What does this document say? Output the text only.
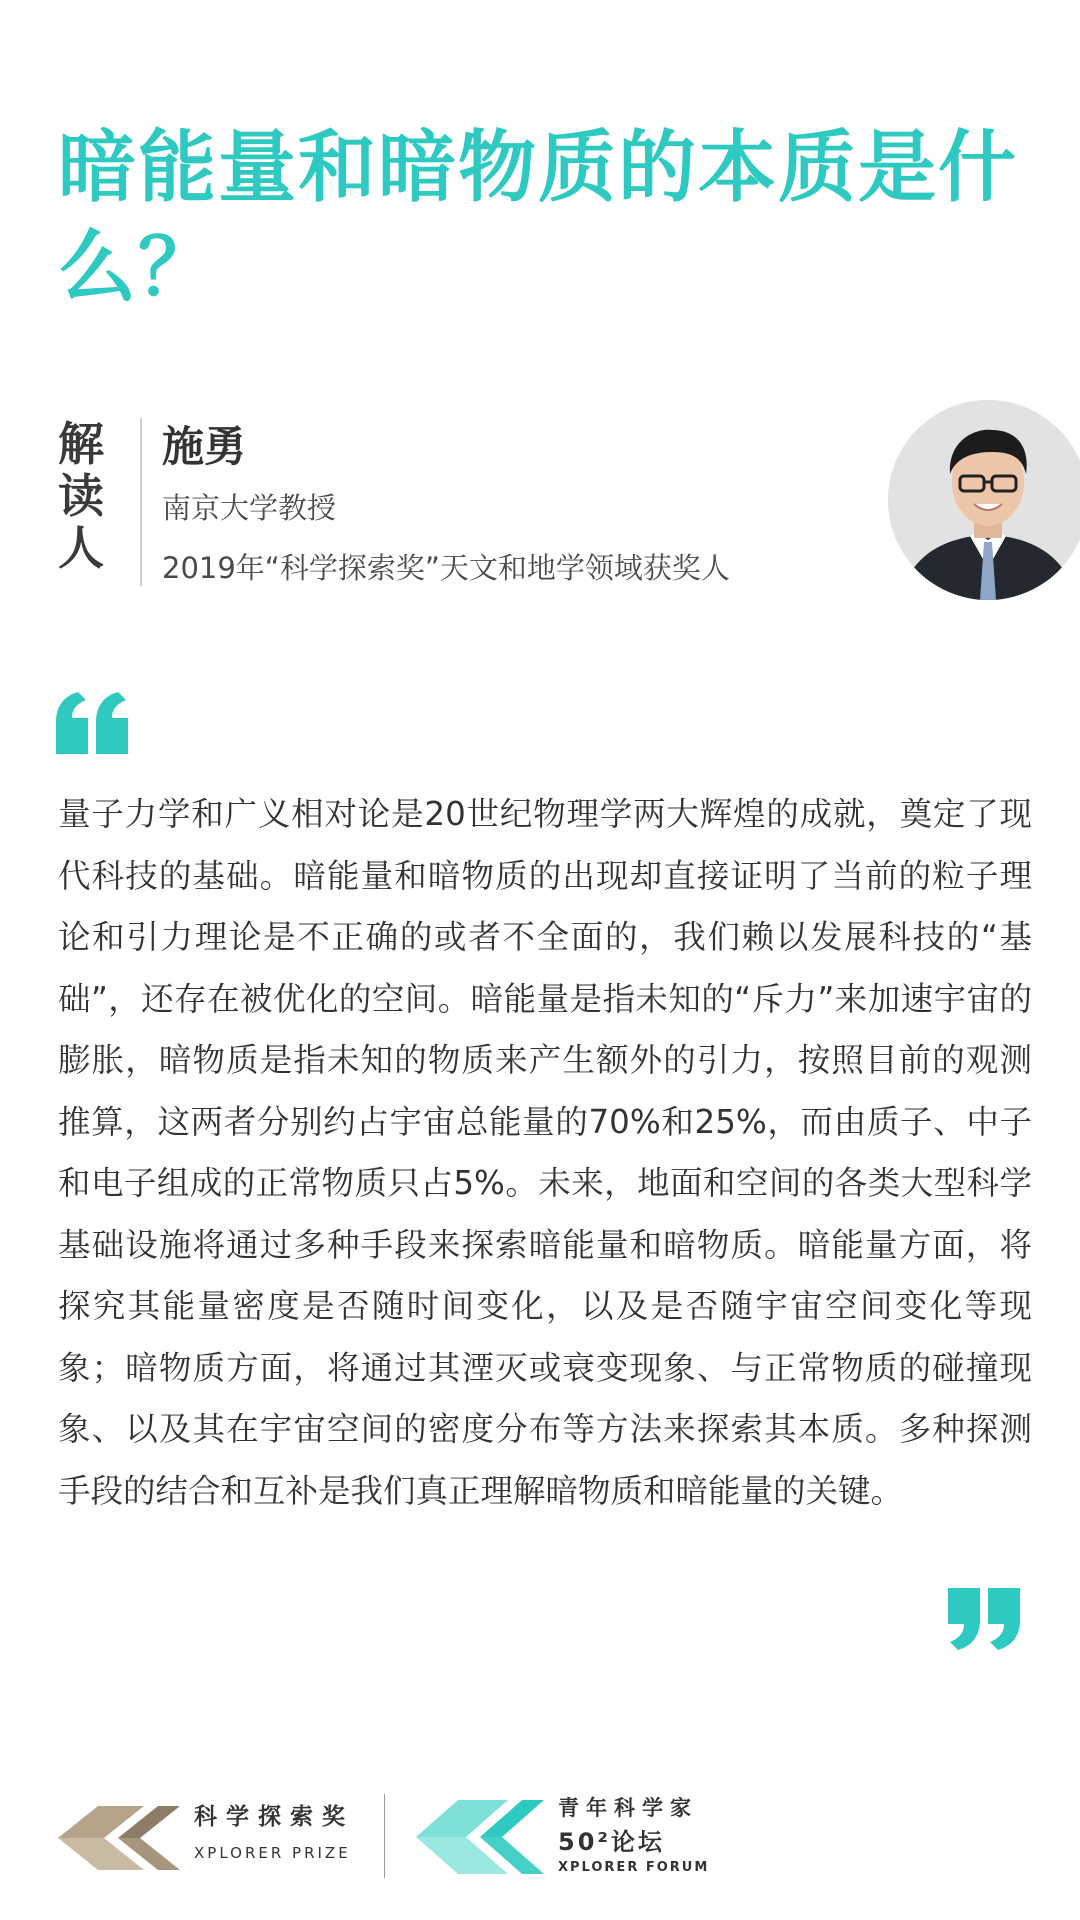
暗能量和暗物质的本质是什么？
解
读
人
施勇
南京大学教授
2019年“科学探索奖”天文和地学领域获奖人

量子力学和广义相对论是20世纪物理学两大辉煌的成就，奠定了现代科技的基础。暗能量和暗物质的出现却直接证明了当前的粒子理论和引力理论是不正确的或者不全面的，我们赖以发展科技的“基础”，还存在被优化的空间。暗能量是指未知的“斥力”来加速宇宙的膨胀，暗物质是指未知的物质来产生额外的引力，按照目前的观测推算，这两者分别约占宇宙总能量的70%和25%，而由质子、中子和电子组成的正常物质只占5%。未来，地面和空间的各类大型科学基础设施将通过多种手段来探索暗能量和暗物质。暗能量方面，将探究其能量密度是否随时间变化，以及是否随宇宙空间变化等现象；暗物质方面，将通过其湮灭或衰变现象、与正常物质的碰撞现象、以及其在宇宙空间的密度分布等方法来探索其本质。多种探测手段的结合和互补是我们真正理解暗物质和暗能量的关键。

科学探索奖
XPLORER PRIZE
青年科学家
50²论坛
XPLORER FORUM
